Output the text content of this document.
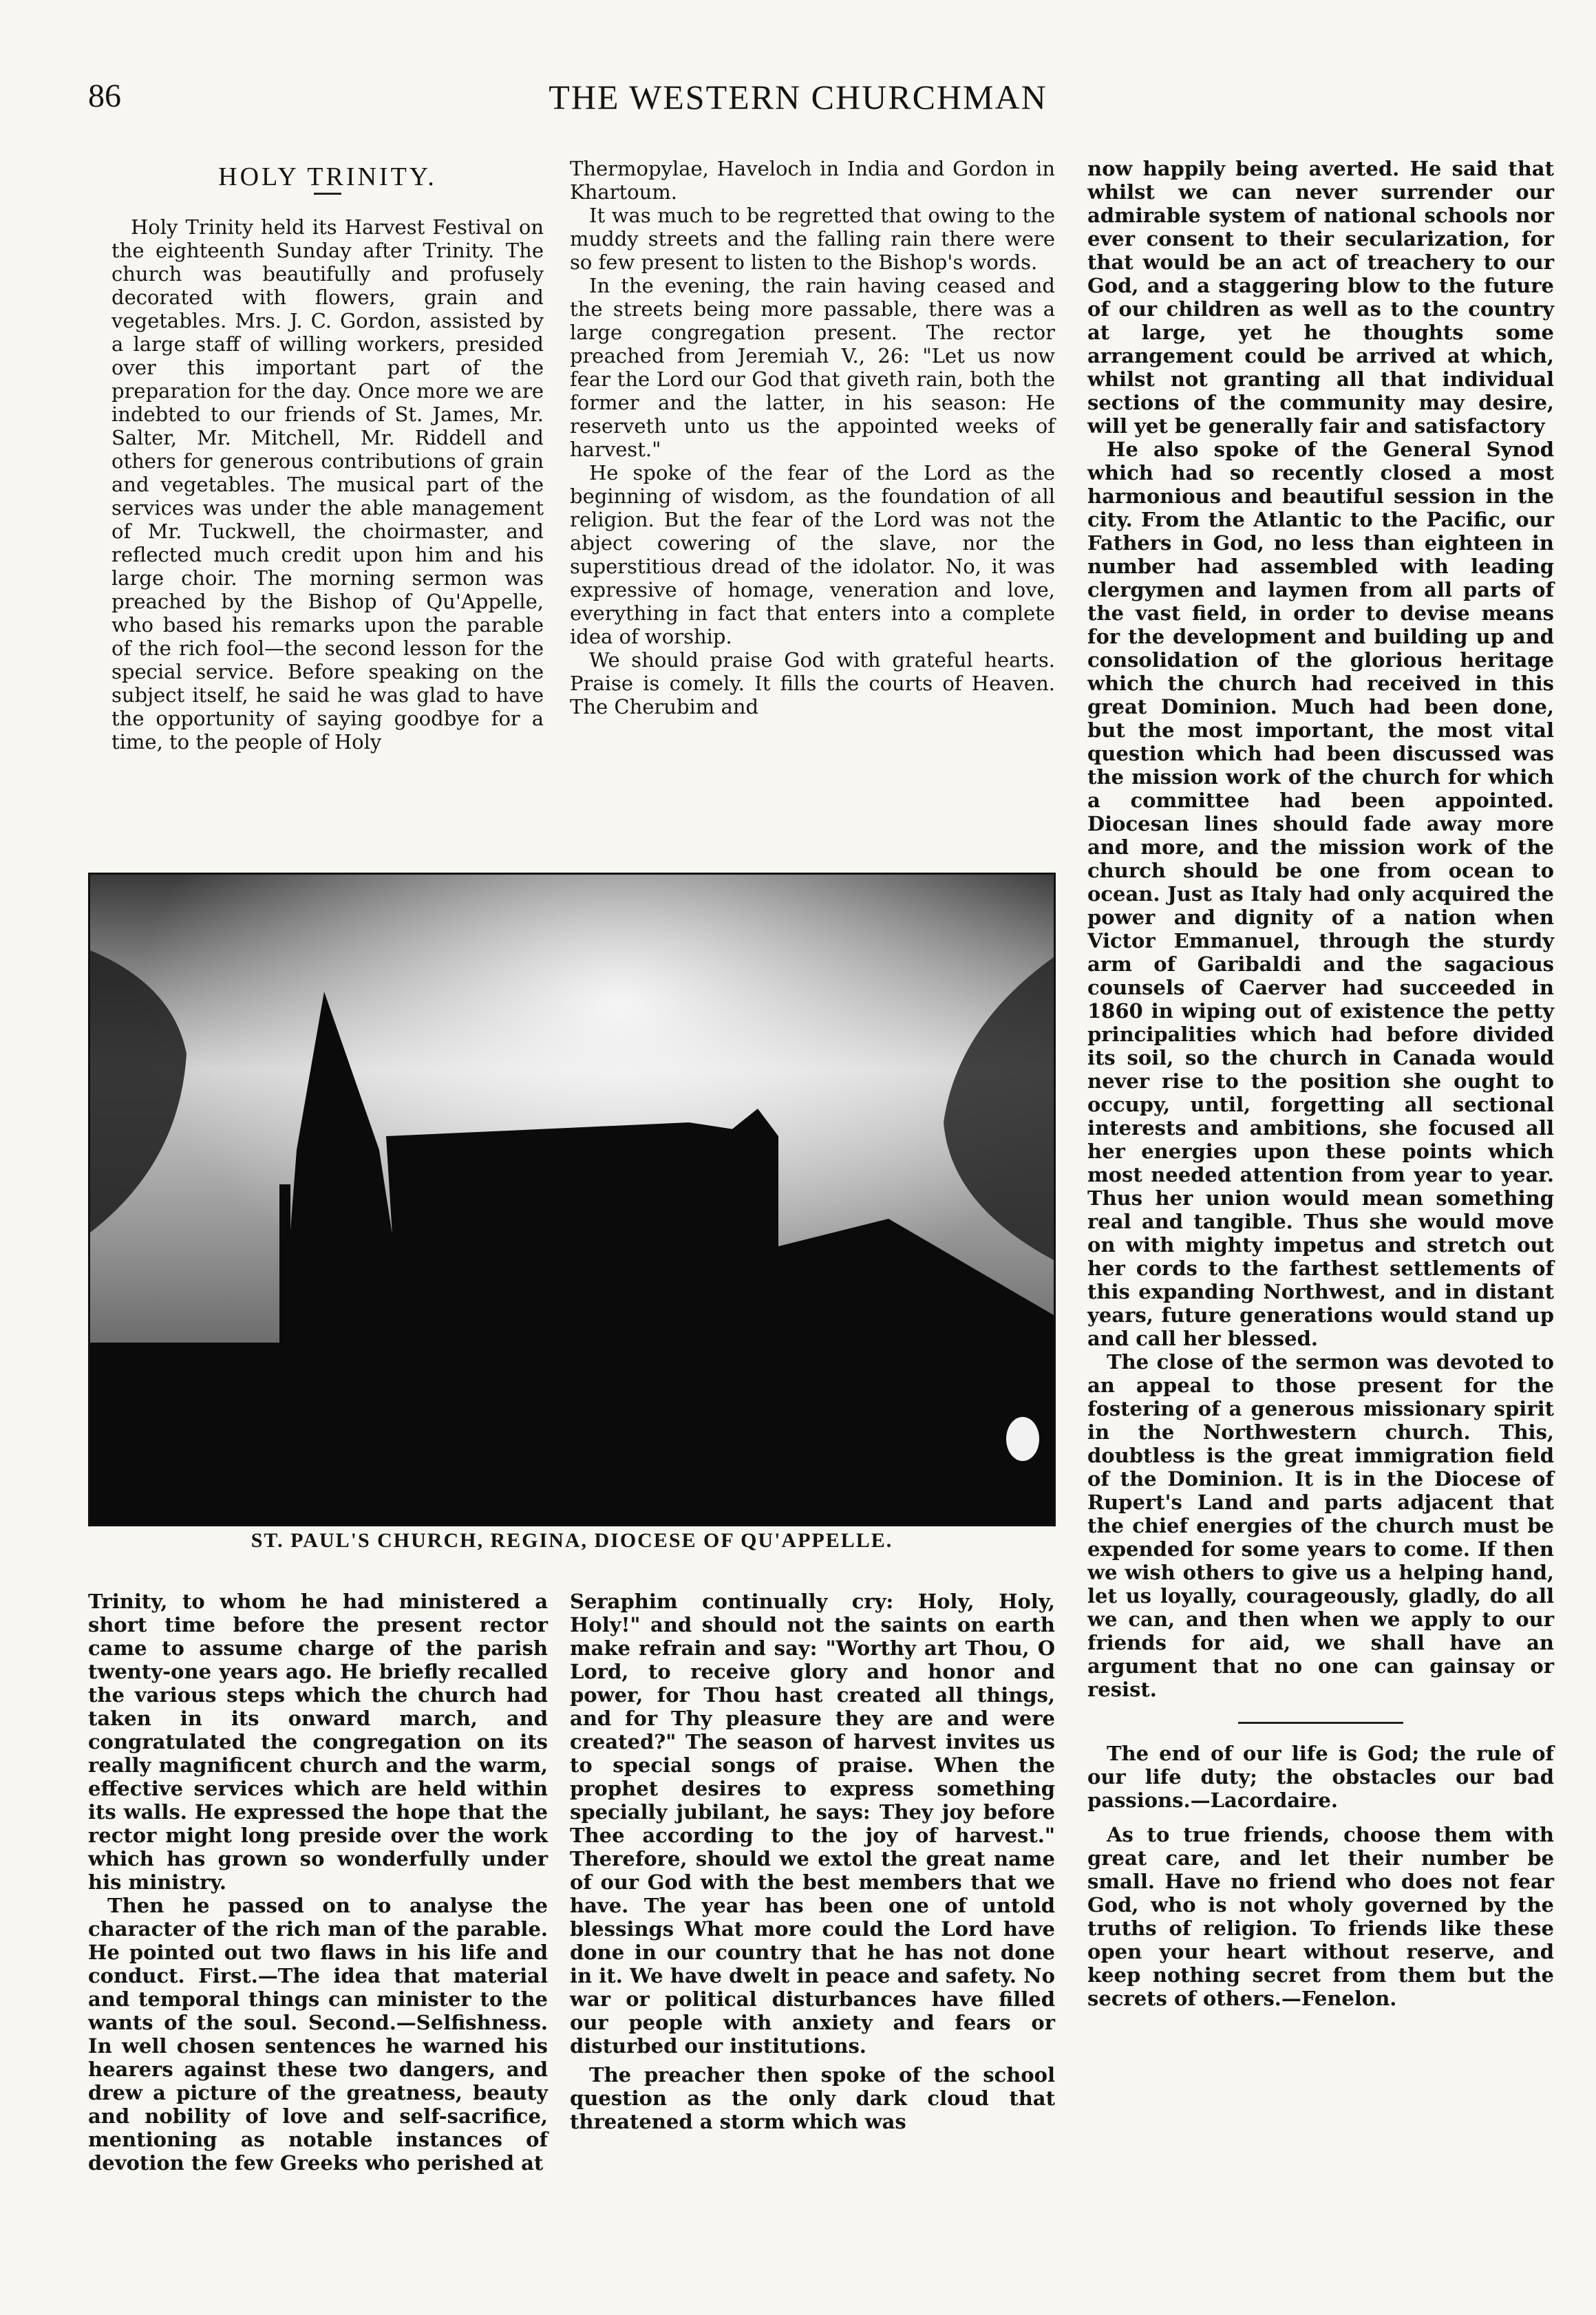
86	THE WESTERN CHURCHMAN
HOLY TRINITY.

Holy Trinity held its Harvest Festival on the eighteenth Sunday after Trinity. The church was beautifully and profusely decorated with flowers, grain and vegetables. Mrs. J. C. Gordon, assisted by a large staff of willing workers, presided over this important part of the preparation for the day. Once more we are indebted to our friends of St. James, Mr. Salter, Mr. Mitchell, Mr. Riddell and others for generous contributions of grain and vegetables. The musical part of the services was under the able management of Mr. Tuckwell, the choirmaster, and reflected much credit upon him and his large choir. The morning sermon was preached by the Bishop of Qu'Appelle, who based his remarks upon the parable of the rich fool—the second lesson for the special service. Before speaking on the subject itself, he said he was glad to have the opportunity of saying goodbye for a time, to the people of Holy

Thermopylae, Haveloch in India and Gordon in Khartoum.

It was much to be regretted that owing to the muddy streets and the falling rain there were so few present to listen to the Bishop's words.

In the evening, the rain having ceased and the streets being more passable, there was a large congregation present. The rector preached from Jeremiah V., 26: "Let us now fear the Lord our God that giveth rain, both the former and the latter, in his season: He reserveth unto us the appointed weeks of harvest."

He spoke of the fear of the Lord as the beginning of wisdom, as the foundation of all religion. But the fear of the Lord was not the abject cowering of the slave, nor the superstitious dread of the idolator. No, it was expressive of homage, veneration and love, everything in fact that enters into a complete idea of worship.

We should praise God with grateful hearts. Praise is comely. It fills the courts of Heaven. The Cherubim and

ST. PAUL'S CHURCH, REGINA, DIOCESE OF QU'APPELLE.

now happily being averted. He said that whilst we can never surrender our admirable system of national schools nor ever consent to their secularization, for that would be an act of treachery to our God, and a staggering blow to the future of our children as well as to the country at large, yet he thoughts some arrangement could be arrived at which, whilst not granting all that individual sections of the community may desire, will yet be generally fair and satisfactory

He also spoke of the General Synod which had so recently closed a most harmonious and beautiful session in the city. From the Atlantic to the Pacific, our Fathers in God, no less than eighteen in number had assembled with leading clergymen and laymen from all parts of the vast field, in order to devise means for the development and building up and consolidation of the glorious heritage which the church had received in this great Dominion. Much had been done, but the most important, the most vital question which had been discussed was the mission work of the church for which a committee had been appointed. Diocesan lines should fade away more and more, and the mission work of the church should be one from ocean to ocean. Just as Italy had only acquired the power and dignity of a nation when Victor Emmanuel, through the sturdy arm of Garibaldi and the sagacious counsels of Caerver had succeeded in 1860 in wiping out of existence the petty principalities which had before divided its soil, so the church in Canada would never rise to the position she ought to occupy, until, forgetting all sectional interests and ambitions, she focused all her energies upon these points which most needed attention from year to year. Thus her union would mean something real and tangible. Thus she would move on with mighty impetus and stretch out her cords to the farthest settlements of this expanding Northwest, and in distant years, future generations would stand up and call her blessed.

The close of the sermon was devoted to an appeal to those present for the fostering of a generous missionary spirit in the Northwestern church. This, doubtless is the great immigration field of the Dominion. It is in the Diocese of Rupert's Land and parts adjacent that the chief energies of the church must be expended for some years to come. If then we wish others to give us a helping hand, let us loyally, courageously, gladly, do all we can, and then when we apply to our friends for aid, we shall have an argument that no one can gainsay or resist.

The end of our life is God; the rule of our life duty; the obstacles our bad passions.—Lacordaire.

As to true friends, choose them with great care, and let their number be small. Have no friend who does not fear God, who is not wholy governed by the truths of religion. To friends like these open your heart without reserve, and keep nothing secret from them but the secrets of others.—Fenelon.

Trinity, to whom he had ministered a short time before the present rector came to assume charge of the parish twenty-one years ago. He briefly recalled the various steps which the church had taken in its onward march, and congratulated the congregation on its really magnificent church and the warm, effective services which are held within its walls. He expressed the hope that the rector might long preside over the work which has grown so wonderfully under his ministry.

Then he passed on to analyse the character of the rich man of the parable. He pointed out two flaws in his life and conduct. First.—The idea that material and temporal things can minister to the wants of the soul. Second.—Selfishness. In well chosen sentences he warned his hearers against these two dangers, and drew a picture of the greatness, beauty and nobility of love and self-sacrifice, mentioning as notable instances of devotion the few Greeks who perished at

Seraphim continually cry: Holy, Holy, Holy!" and should not the saints on earth make refrain and say: "Worthy art Thou, O Lord, to receive glory and honor and power, for Thou hast created all things, and for Thy pleasure they are and were created?" The season of harvest invites us to special songs of praise. When the prophet desires to express something specially jubilant, he says: They joy before Thee according to the joy of harvest." Therefore, should we extol the great name of our God with the best members that we have. The year has been one of untold blessings What more could the Lord have done in our country that he has not done in it. We have dwelt in peace and safety. No war or political disturbances have filled our people with anxiety and fears or disturbed our institutions.

The preacher then spoke of the school question as the only dark cloud that threatened a storm which was
